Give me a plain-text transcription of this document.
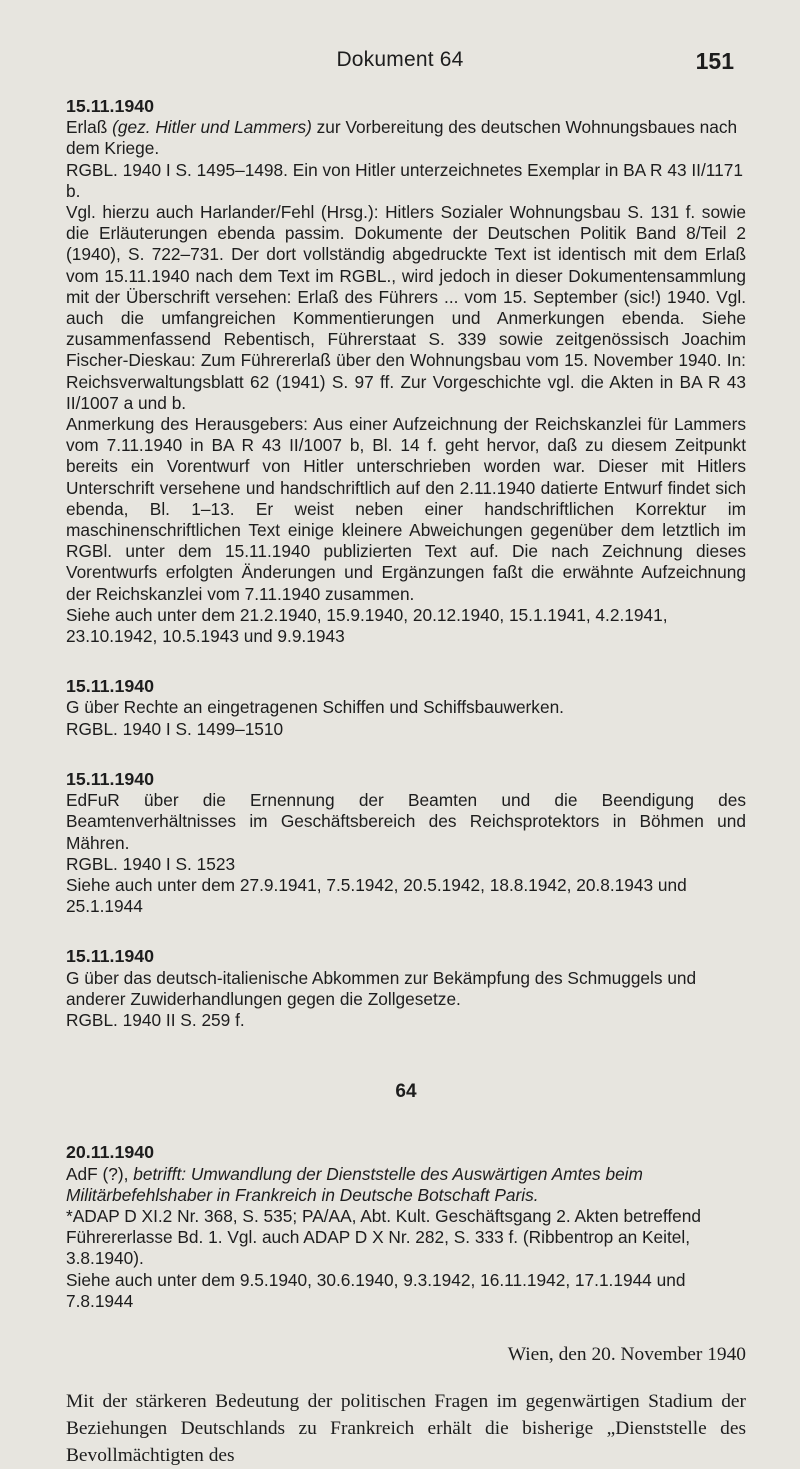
Dokument 64	151

15.11.1940

Erlaß (gez. Hitler und Lammers) zur Vorbereitung des deutschen Wohnungsbaues nach dem Kriege.

RGBL. 1940 I S. 1495–1498. Ein von Hitler unterzeichnetes Exemplar in BA R 43 II/1171 b.

Vgl. hierzu auch Harlander/Fehl (Hrsg.): Hitlers Sozialer Wohnungsbau S. 131 f. sowie die Erläuterungen ebenda passim. Dokumente der Deutschen Politik Band 8/Teil 2 (1940), S. 722–731. Der dort vollständig abgedruckte Text ist identisch mit dem Erlaß vom 15.11.1940 nach dem Text im RGBL., wird jedoch in dieser Dokumentensammlung mit der Überschrift versehen: Erlaß des Führers ... vom 15. September (sic!) 1940. Vgl. auch die umfangreichen Kommentierungen und Anmerkungen ebenda. Siehe zusammenfassend Rebentisch, Führerstaat S. 339 sowie zeitgenössisch Joachim Fischer-Dieskau: Zum Führererlaß über den Wohnungsbau vom 15. November 1940. In: Reichsverwaltungsblatt 62 (1941) S. 97 ff. Zur Vorgeschichte vgl. die Akten in BA R 43 II/1007 a und b.

Anmerkung des Herausgebers: Aus einer Aufzeichnung der Reichskanzlei für Lammers vom 7.11.1940 in BA R 43 II/1007 b, Bl. 14 f. geht hervor, daß zu diesem Zeitpunkt bereits ein Vorentwurf von Hitler unterschrieben worden war. Dieser mit Hitlers Unterschrift versehene und handschriftlich auf den 2.11.1940 datierte Entwurf findet sich ebenda, Bl. 1–13. Er weist neben einer handschriftlichen Korrektur im maschinenschriftlichen Text einige kleinere Abweichungen gegenüber dem letztlich im RGBl. unter dem 15.11.1940 publizierten Text auf. Die nach Zeichnung dieses Vorentwurfs erfolgten Änderungen und Ergänzungen faßt die erwähnte Aufzeichnung der Reichskanzlei vom 7.11.1940 zusammen.

Siehe auch unter dem 21.2.1940, 15.9.1940, 20.12.1940, 15.1.1941, 4.2.1941, 23.10.1942, 10.5.1943 und 9.9.1943

15.11.1940

G über Rechte an eingetragenen Schiffen und Schiffsbauwerken.

RGBL. 1940 I S. 1499–1510

15.11.1940

EdFuR über die Ernennung der Beamten und die Beendigung des Beamtenverhältnisses im Geschäftsbereich des Reichsprotektors in Böhmen und Mähren.

RGBL. 1940 I S. 1523

Siehe auch unter dem 27.9.1941, 7.5.1942, 20.5.1942, 18.8.1942, 20.8.1943 und 25.1.1944

15.11.1940

G über das deutsch-italienische Abkommen zur Bekämpfung des Schmuggels und anderer Zuwiderhandlungen gegen die Zollgesetze.

RGBL. 1940 II S. 259 f.

64

20.11.1940

AdF (?), betrifft: Umwandlung der Dienststelle des Auswärtigen Amtes beim Militärbefehlshaber in Frankreich in Deutsche Botschaft Paris.

*ADAP D XI.2 Nr. 368, S. 535; PA/AA, Abt. Kult. Geschäftsgang 2. Akten betreffend Führererlasse Bd. 1. Vgl. auch ADAP D X Nr. 282, S. 333 f. (Ribbentrop an Keitel, 3.8.1940).

Siehe auch unter dem 9.5.1940, 30.6.1940, 9.3.1942, 16.11.1942, 17.1.1944 und 7.8.1944

Wien, den 20. November 1940

Mit der stärkeren Bedeutung der politischen Fragen im gegenwärtigen Stadium der Beziehungen Deutschlands zu Frankreich erhält die bisherige „Dienststelle des Bevollmächtigten des
